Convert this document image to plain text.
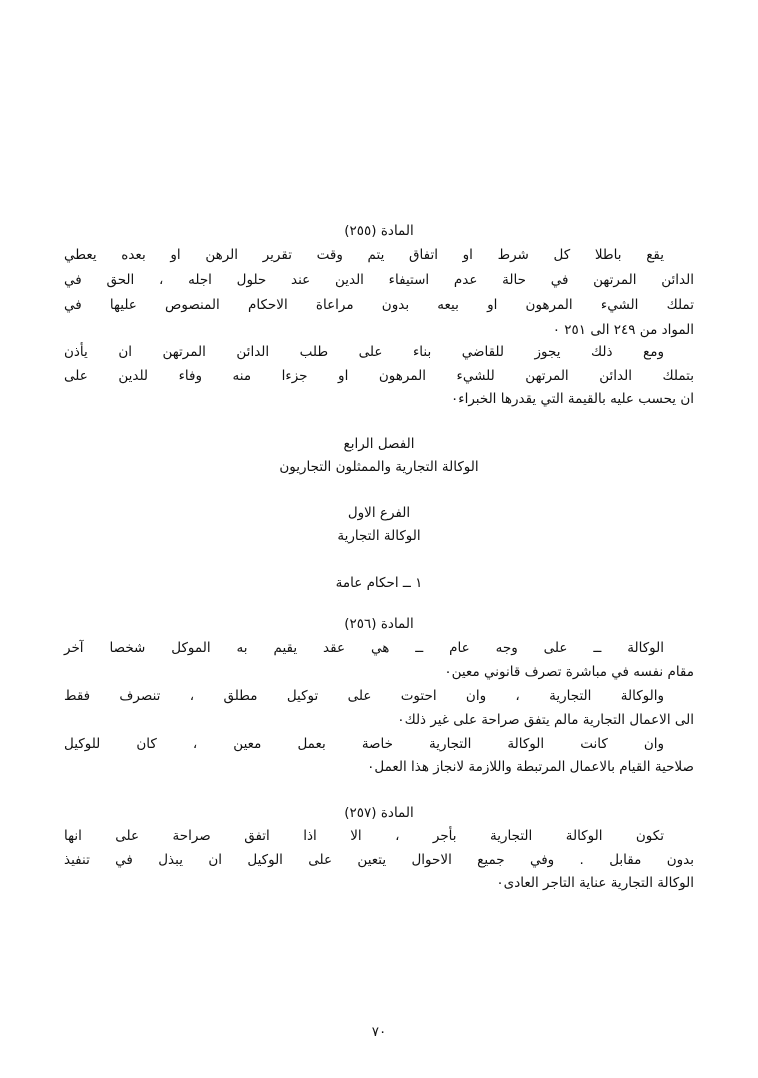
المادة (٢٥٥)
يقع باطلا كل شرط او اتفاق يتم وقت تقرير الرهن او بعده يعطي
الدائن المرتهن في حالة عدم استيفاء الدين عند حلول اجله ، الحق في
تملك الشيء المرهون او بيعه بدون مراعاة الاحكام المنصوص عليها في
المواد من ٢٤٩ الى ٢٥١ ٠
ومع ذلك يجوز للقاضي بناء على طلب الدائن المرتهن ان يأذن
بتملك الدائن المرتهن للشيء المرهون او جزءا منه وفاء للدين على
ان يحسب عليه بالقيمة التي يقدرها الخبراء٠
الفصل الرابع
الوكالة التجارية والممثلون التجاريون
الفرع الاول
الوكالة التجارية
١ ــ احكام عامة
المادة (٢٥٦)
الوكالة ــ على وجه عام ــ هي عقد يقيم به الموكل شخصا آخر
مقام نفسه في مباشرة تصرف قانوني معين٠
والوكالة التجارية ، وان احتوت على توكيل مطلق ، تنصرف فقط
الى الاعمال التجارية مالم يتفق صراحة على غير ذلك٠
وان كانت الوكالة التجارية خاصة بعمل معين ، كان للوكيل
صلاحية القيام بالاعمال المرتبطة واللازمة لانجاز هذا العمل٠
المادة (٢٥٧)
تكون الوكالة التجارية بأجر ، الا اذا اتفق صراحة على انها
بدون مقابل . وفي جميع الاحوال يتعين على الوكيل ان يبذل في تنفيذ
الوكالة التجارية عناية التاجر العادى٠
٧٠
